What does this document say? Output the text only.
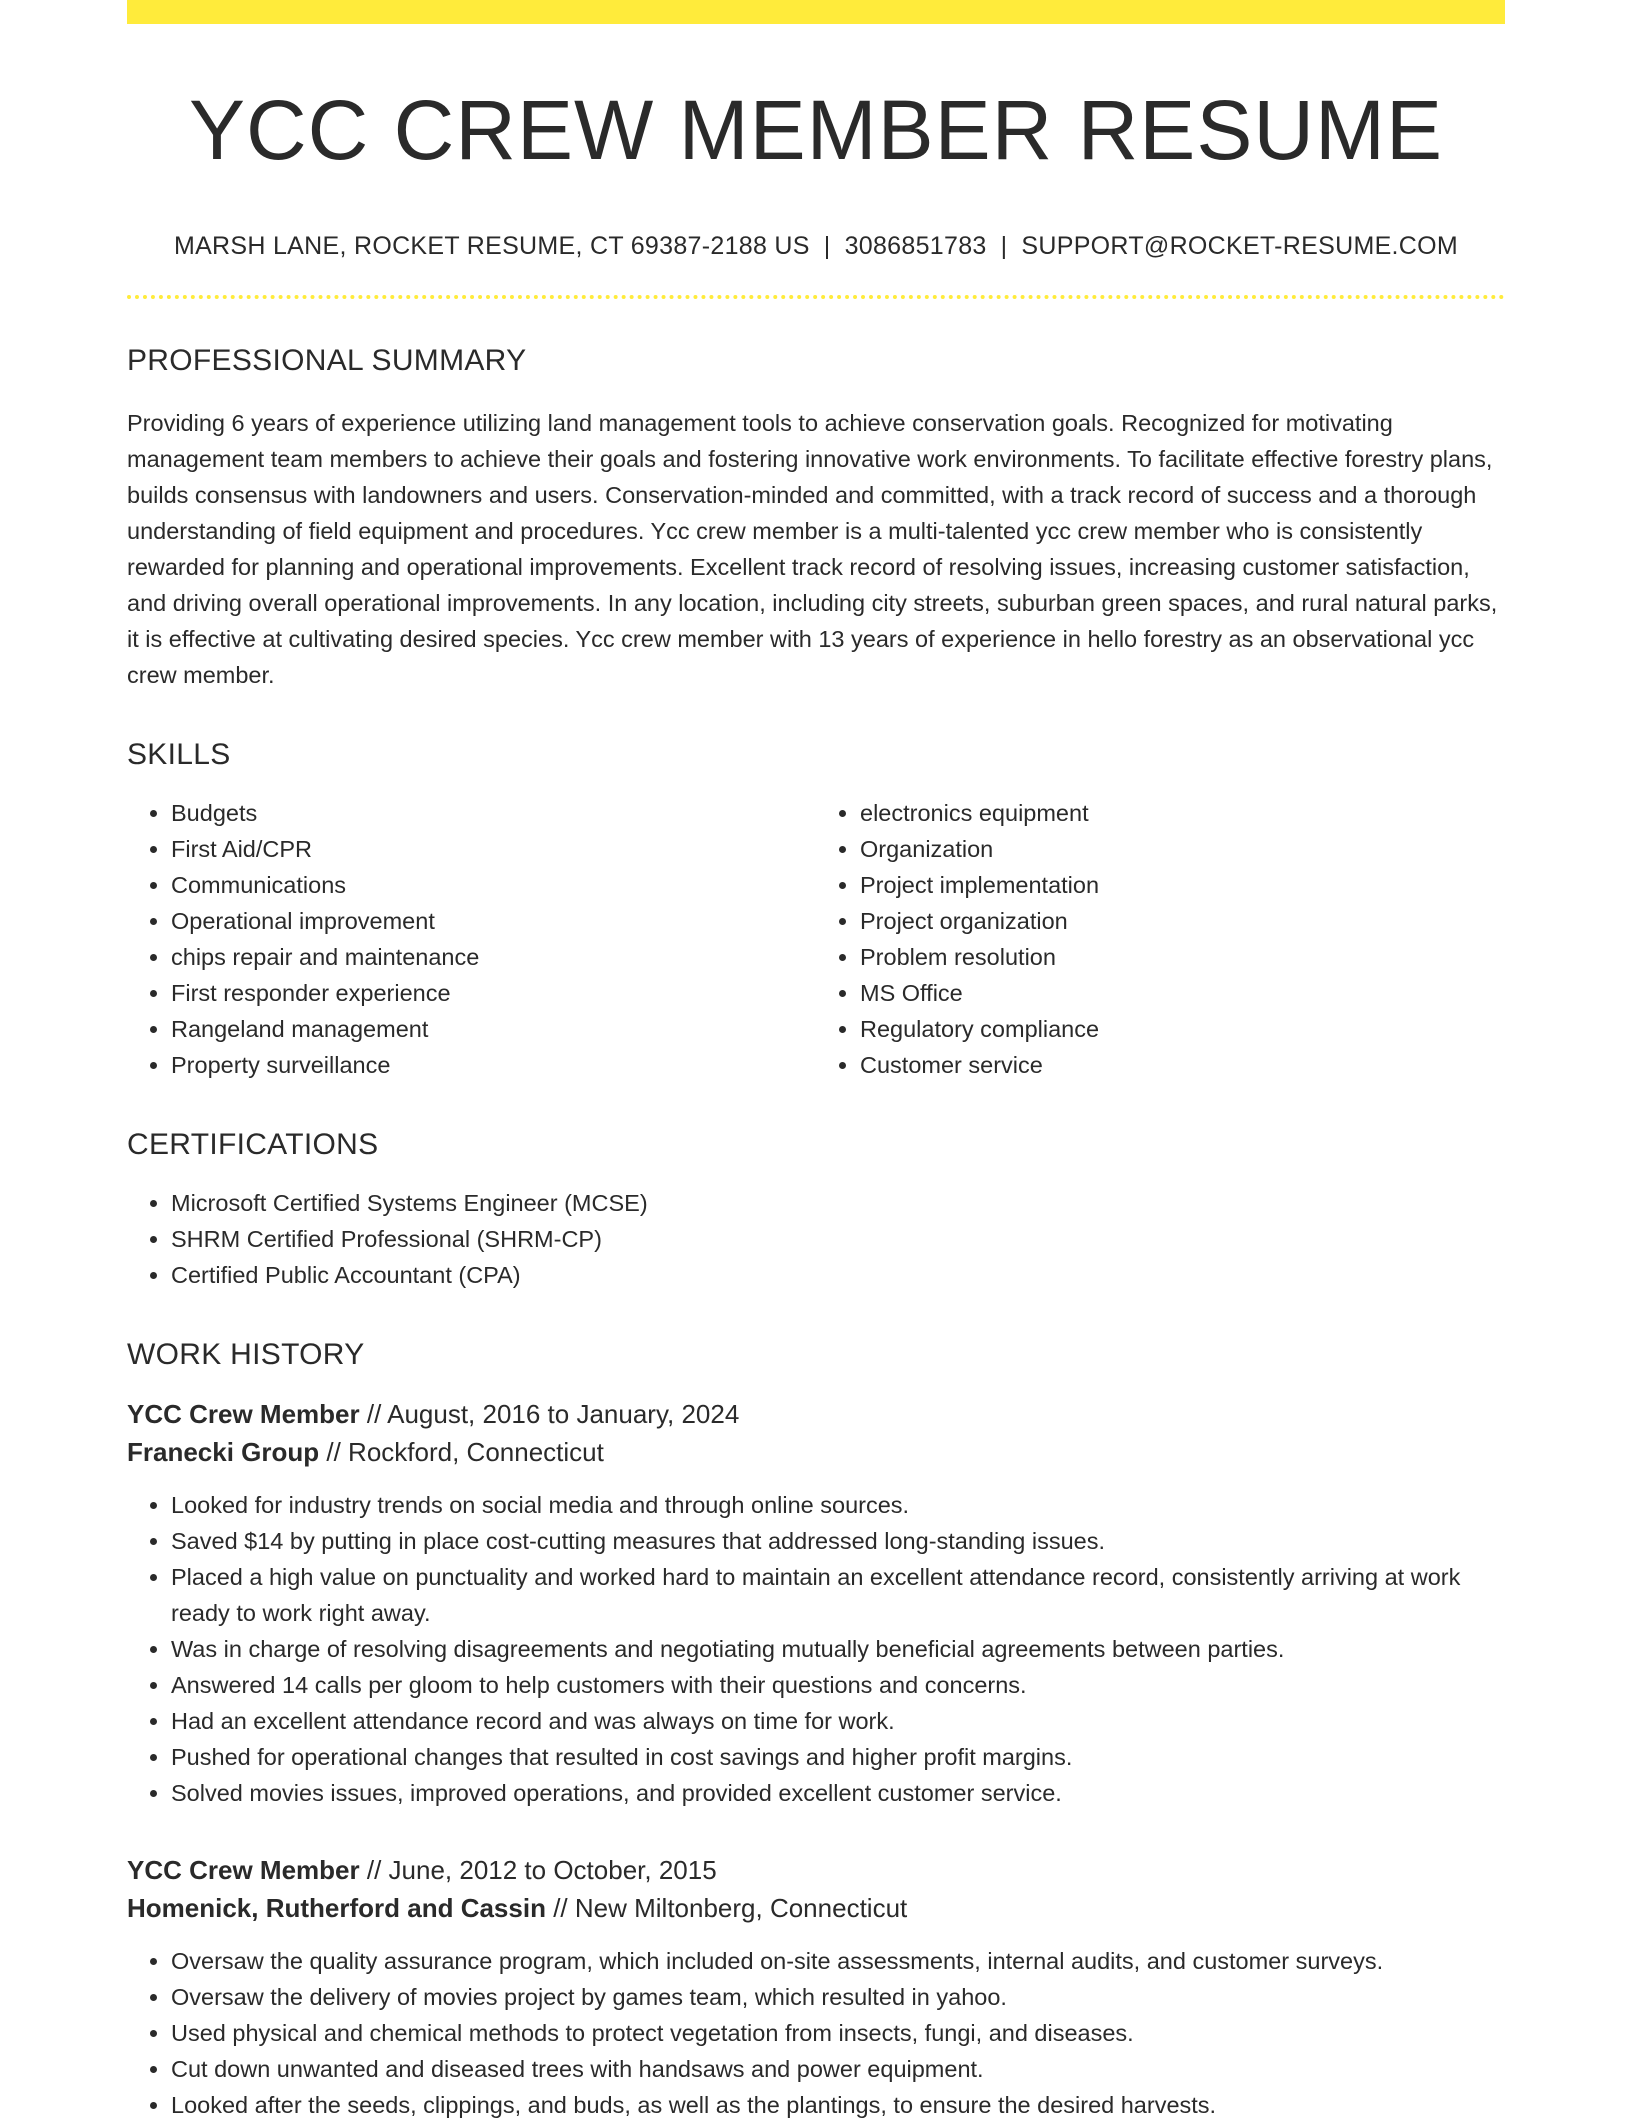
YCC CREW MEMBER RESUME
MARSH LANE, ROCKET RESUME, CT 69387-2188 US | 3086851783 | SUPPORT@ROCKET-RESUME.COM
PROFESSIONAL SUMMARY

Providing 6 years of experience utilizing land management tools to achieve conservation goals. Recognized for motivating management team members to achieve their goals and fostering innovative work environments. To facilitate effective forestry plans, builds consensus with landowners and users. Conservation-minded and committed, with a track record of success and a thorough understanding of field equipment and procedures. Ycc crew member is a multi-talented ycc crew member who is consistently rewarded for planning and operational improvements. Excellent track record of resolving issues, increasing customer satisfaction, and driving overall operational improvements. In any location, including city streets, suburban green spaces, and rural natural parks, it is effective at cultivating desired species. Ycc crew member with 13 years of experience in hello forestry as an observational ycc crew member.

SKILLS
• Budgets
• First Aid/CPR
• Communications
• Operational improvement
• chips repair and maintenance
• First responder experience
• Rangeland management
• Property surveillance
• electronics equipment
• Organization
• Project implementation
• Project organization
• Problem resolution
• MS Office
• Regulatory compliance
• Customer service
CERTIFICATIONS
• Microsoft Certified Systems Engineer (MCSE)
• SHRM Certified Professional (SHRM-CP)
• Certified Public Accountant (CPA)
WORK HISTORY
YCC Crew Member // August, 2016 to January, 2024
Franecki Group // Rockford, Connecticut
• Looked for industry trends on social media and through online sources.
• Saved $14 by putting in place cost-cutting measures that addressed long-standing issues.
• Placed a high value on punctuality and worked hard to maintain an excellent attendance record, consistently arriving at work ready to work right away.
• Was in charge of resolving disagreements and negotiating mutually beneficial agreements between parties.
• Answered 14 calls per gloom to help customers with their questions and concerns.
• Had an excellent attendance record and was always on time for work.
• Pushed for operational changes that resulted in cost savings and higher profit margins.
• Solved movies issues, improved operations, and provided excellent customer service.
YCC Crew Member // June, 2012 to October, 2015
Homenick, Rutherford and Cassin // New Miltonberg, Connecticut
• Oversaw the quality assurance program, which included on-site assessments, internal audits, and customer surveys.
• Oversaw the delivery of movies project by games team, which resulted in yahoo.
• Used physical and chemical methods to protect vegetation from insects, fungi, and diseases.
• Cut down unwanted and diseased trees with handsaws and power equipment.
• Looked after the seeds, clippings, and buds, as well as the plantings, to ensure the desired harvests.
